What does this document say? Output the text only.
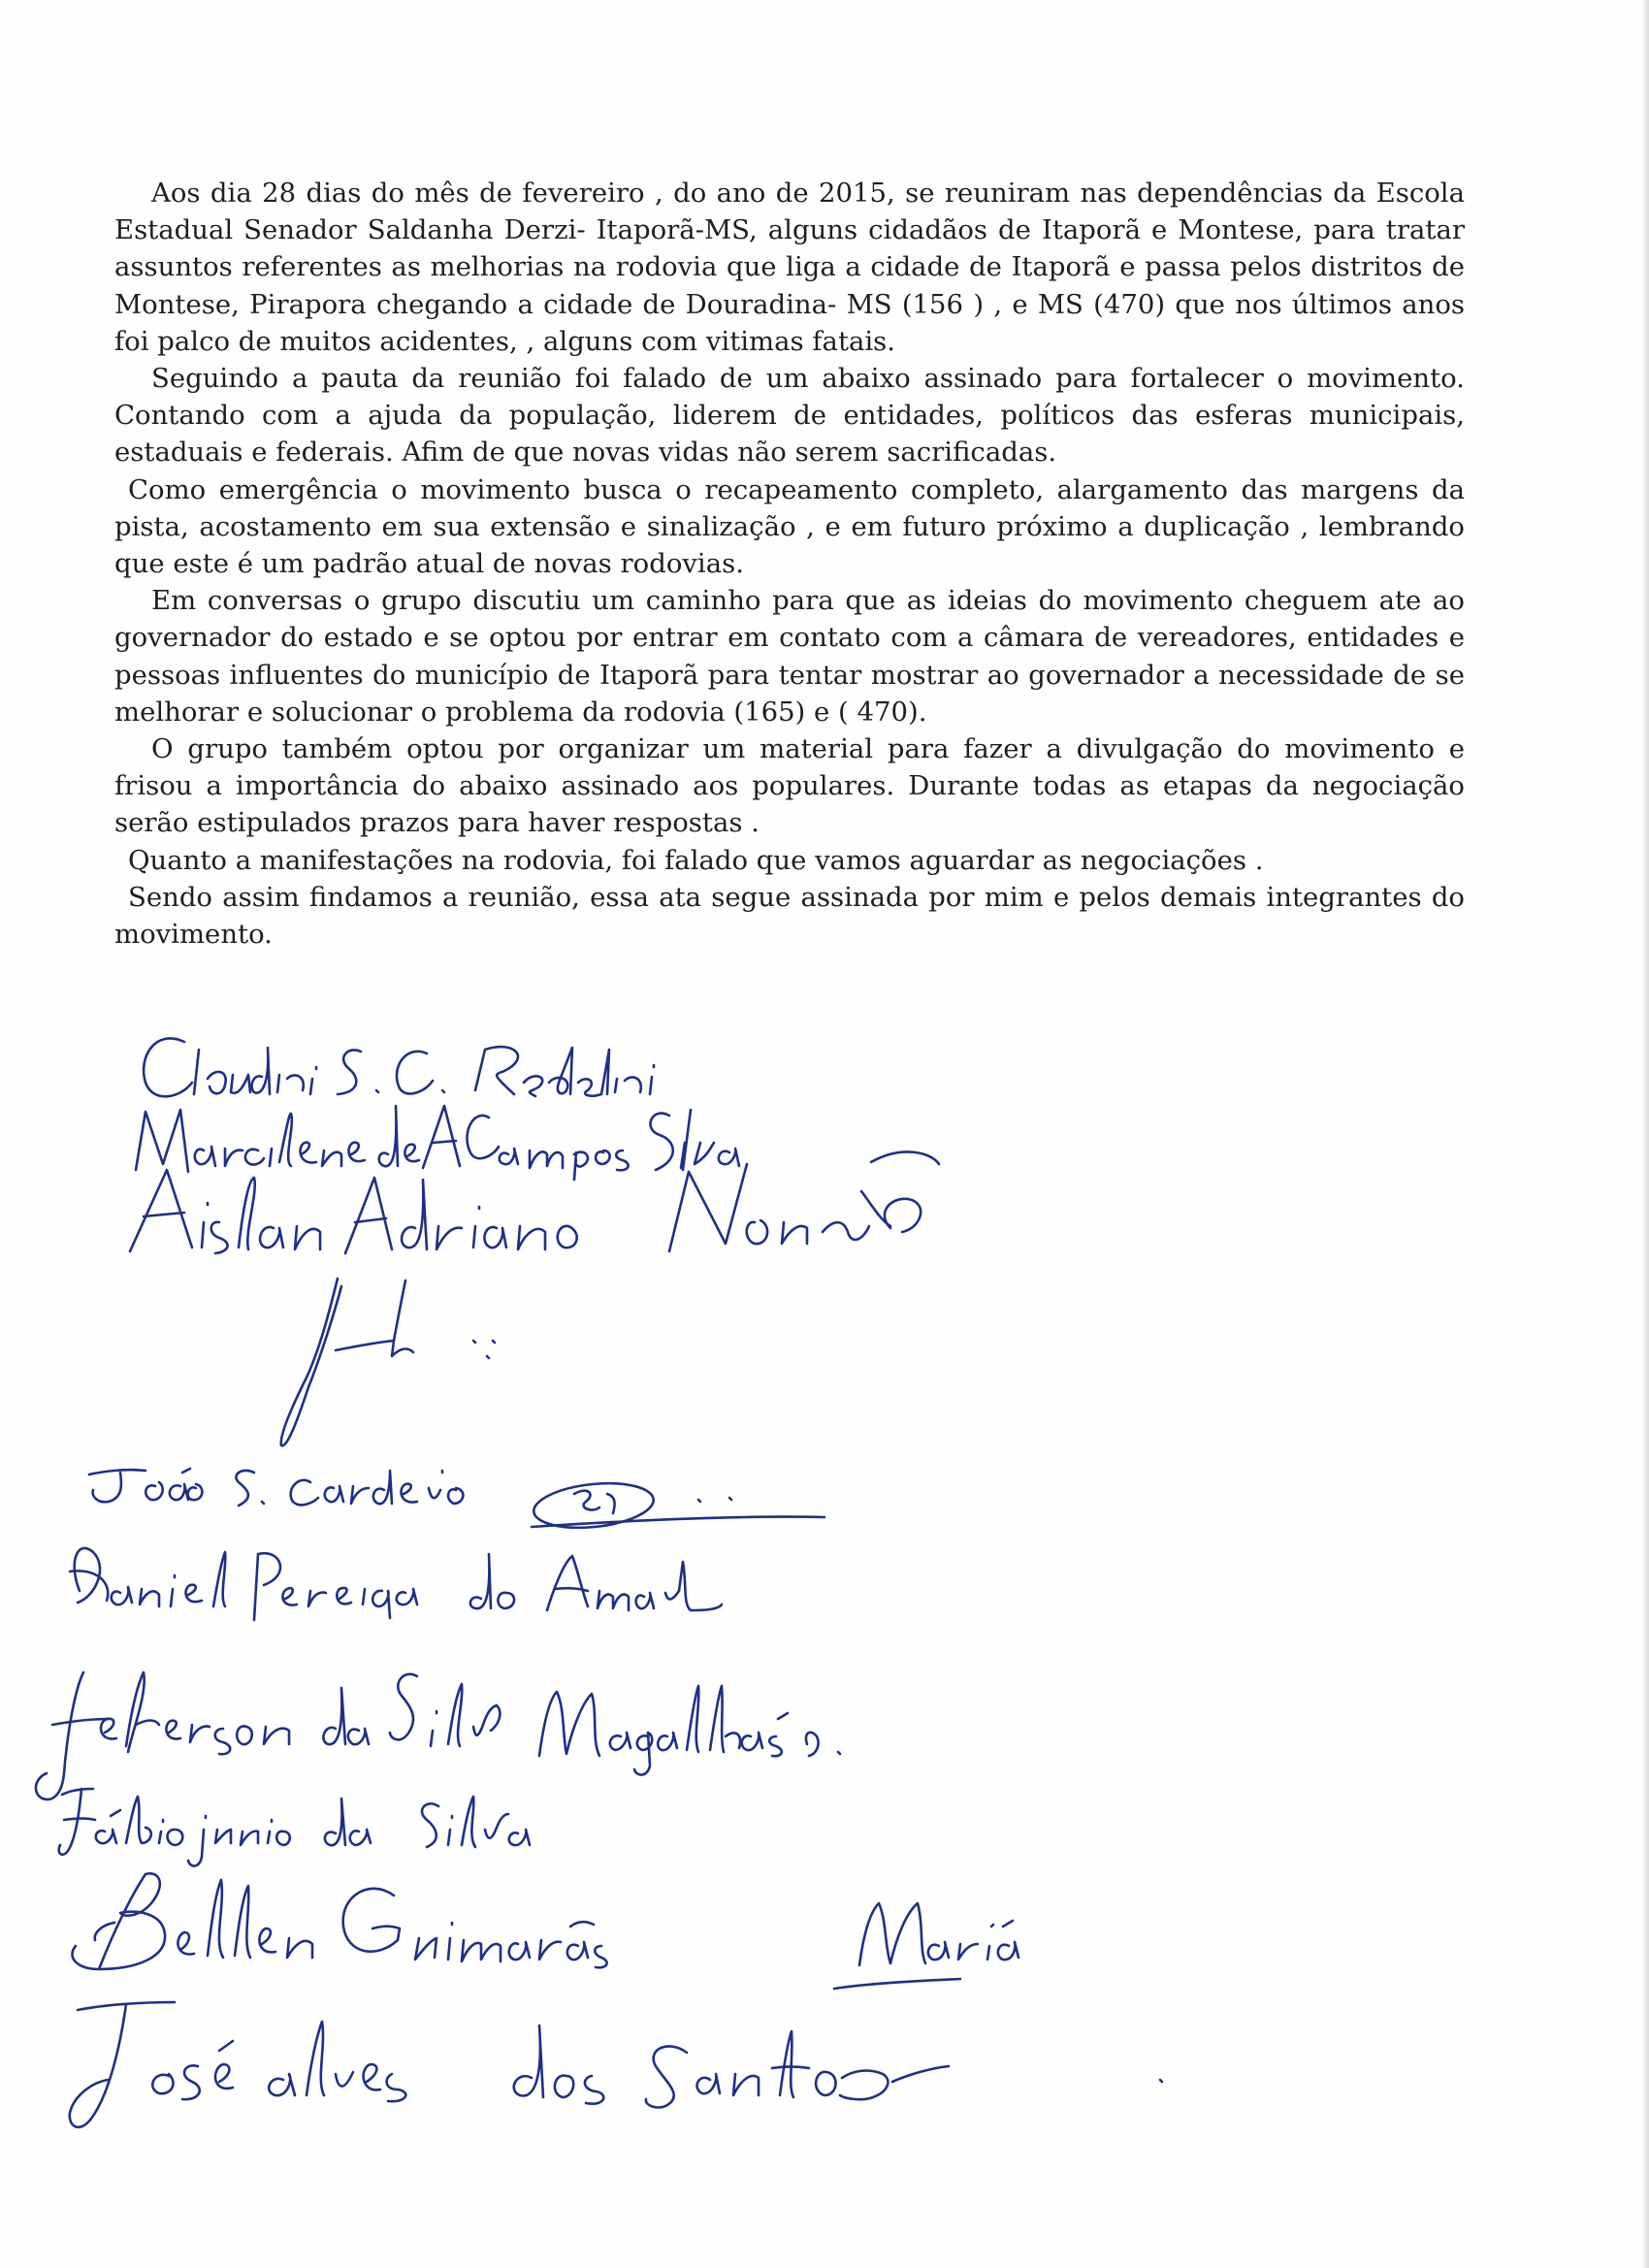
Aos dia 28 dias do mês de fevereiro , do ano de 2015, se reuniram nas dependências da Escola Estadual Senador Saldanha Derzi- Itaporã-MS, alguns cidadãos de Itaporã e Montese, para tratar assuntos referentes as melhorias na rodovia que liga a cidade de Itaporã e passa pelos distritos de Montese, Pirapora chegando a cidade de Douradina- MS (156 ) , e MS (470) que nos últimos anos foi palco de muitos acidentes, , alguns com vitimas fatais.

Seguindo a pauta da reunião foi falado de um abaixo assinado para fortalecer o movimento. Contando com a ajuda da população, liderem de entidades, políticos das esferas municipais, estaduais e federais. Afim de que novas vidas não serem sacrificadas.

Como emergência o movimento busca o recapeamento completo, alargamento das margens da pista, acostamento em sua extensão e sinalização , e em futuro próximo a duplicação , lembrando que este é um padrão atual de novas rodovias.

Em conversas o grupo discutiu um caminho para que as ideias do movimento cheguem ate ao governador do estado e se optou por entrar em contato com a câmara de vereadores, entidades e pessoas influentes do município de Itaporã para tentar mostrar ao governador a necessidade de se melhorar e solucionar o problema da rodovia (165) e ( 470).

O grupo também optou por organizar um material para fazer a divulgação do movimento e frisou a importância do abaixo assinado aos populares. Durante todas as etapas da negociação serão estipulados prazos para haver respostas .

Quanto a manifestações na rodovia, foi falado que vamos aguardar as negociações .

Sendo assim findamos a reunião, essa ata segue assinada por mim e pelos demais integrantes do movimento.
